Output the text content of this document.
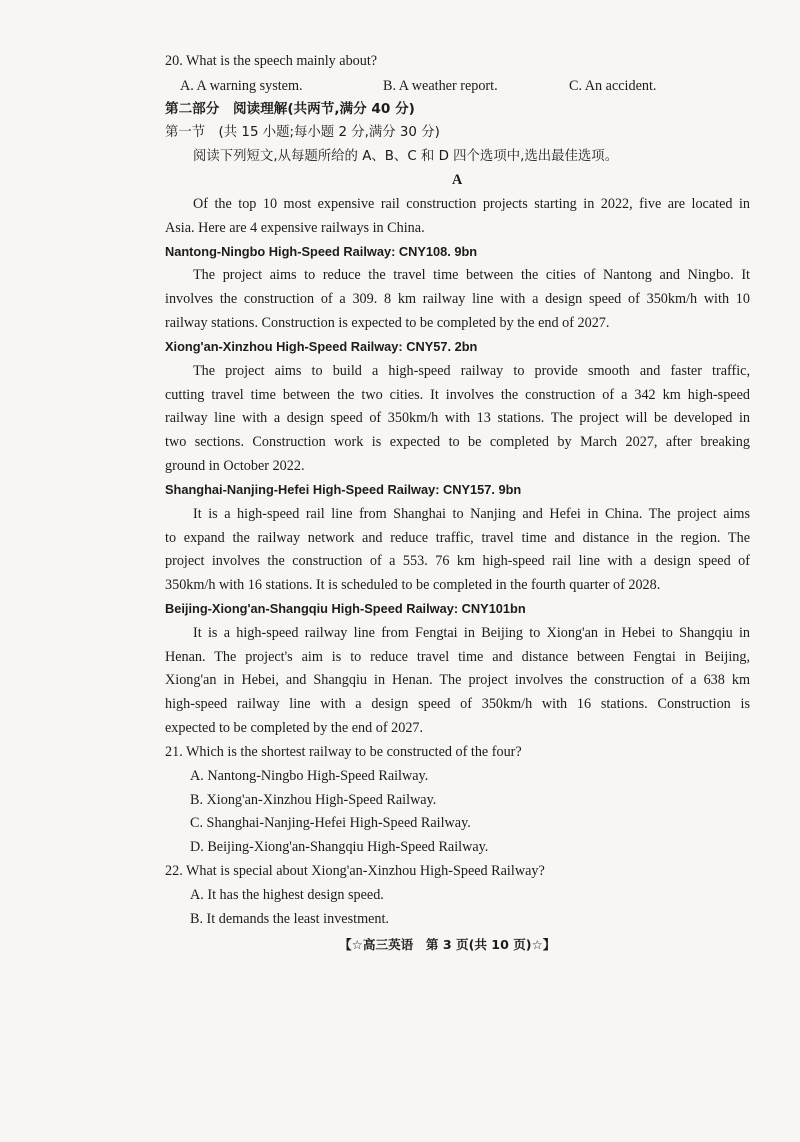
20. What is the speech mainly about?
A. A warning system.	B. A weather report.	C. An accident.
第二部分　阅读理解(共两节,满分 40 分)
第一节　(共 15 小题;每小题 2 分,满分 30 分)
阅读下列短文,从每题所给的 A、B、C 和 D 四个选项中,选出最佳选项。
A
Of the top 10 most expensive rail construction projects starting in 2022, five are located in
Asia. Here are 4 expensive railways in China.
Nantong-Ningbo High-Speed Railway: CNY108. 9bn
The project aims to reduce the travel time between the cities of Nantong and Ningbo. It
involves the construction of a 309. 8 km railway line with a design speed of 350km/h with 10
railway stations. Construction is expected to be completed by the end of 2027.
Xiong'an-Xinzhou High-Speed Railway: CNY57. 2bn
The project aims to build a high-speed railway to provide smooth and faster traffic,
cutting travel time between the two cities. It involves the construction of a 342 km high-speed
railway line with a design speed of 350km/h with 13 stations. The project will be developed in
two sections. Construction work is expected to be completed by March 2027, after breaking
ground in October 2022.
Shanghai-Nanjing-Hefei High-Speed Railway: CNY157. 9bn
It is a high-speed rail line from Shanghai to Nanjing and Hefei in China. The project aims
to expand the railway network and reduce traffic, travel time and distance in the region. The
project involves the construction of a 553. 76 km high-speed rail line with a design speed of
350km/h with 16 stations. It is scheduled to be completed in the fourth quarter of 2028.
Beijing-Xiong'an-Shangqiu High-Speed Railway: CNY101bn
It is a high-speed railway line from Fengtai in Beijing to Xiong'an in Hebei to Shangqiu in
Henan. The project's aim is to reduce travel time and distance between Fengtai in Beijing,
Xiong'an in Hebei, and Shangqiu in Henan. The project involves the construction of a 638 km
high-speed railway line with a design speed of 350km/h with 16 stations. Construction is
expected to be completed by the end of 2027.
21. Which is the shortest railway to be constructed of the four?
A. Nantong-Ningbo High-Speed Railway.
B. Xiong'an-Xinzhou High-Speed Railway.
C. Shanghai-Nanjing-Hefei High-Speed Railway.
D. Beijing-Xiong'an-Shangqiu High-Speed Railway.
22. What is special about Xiong'an-Xinzhou High-Speed Railway?
A. It has the highest design speed.
B. It demands the least investment.
【☆高三英语　第 3 页(共 10 页)☆】
